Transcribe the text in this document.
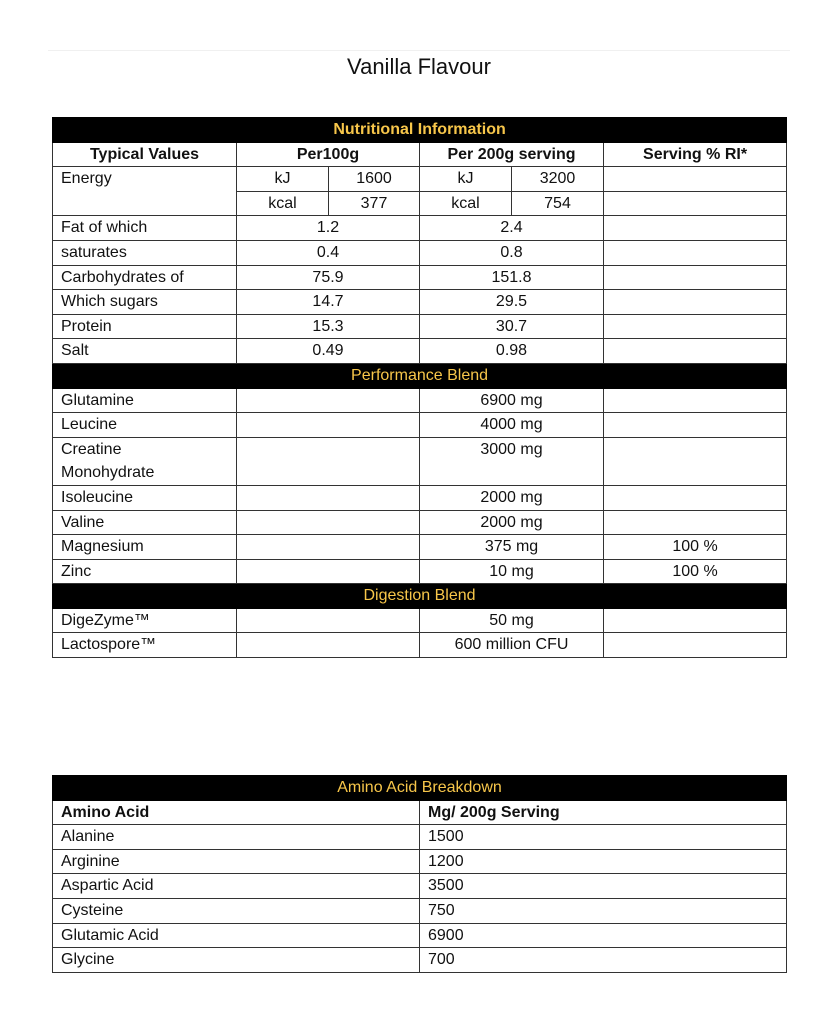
Vanilla Flavour
Nutritional Information					
Typical Values	Per100g		Per 200g serving		Serving % RI*
Energy	kJ	1600	kJ	3200	
	kcal	377	kcal	754	
Fat of which	1.2		2.4		
saturates	0.4		0.8		
Carbohydrates of	75.9		151.8		
Which sugars	14.7		29.5		
Protein	15.3		30.7		
Salt	0.49		0.98		
Performance Blend					
Glutamine			6900 mg		
Leucine			4000 mg		
Creatine
Monohydrate			3000 mg		
Isoleucine			2000 mg		
Valine			2000 mg		
Magnesium			375 mg		100 %
Zinc			10 mg		100 %
Digestion Blend					
DigeZyme™			50 mg		
Lactospore™			600 million CFU		
Amino Acid Breakdown	
Amino Acid	Mg/ 200g Serving
Alanine	1500
Arginine	1200
Aspartic Acid	3500
Cysteine	750
Glutamic Acid	6900
Glycine	700
